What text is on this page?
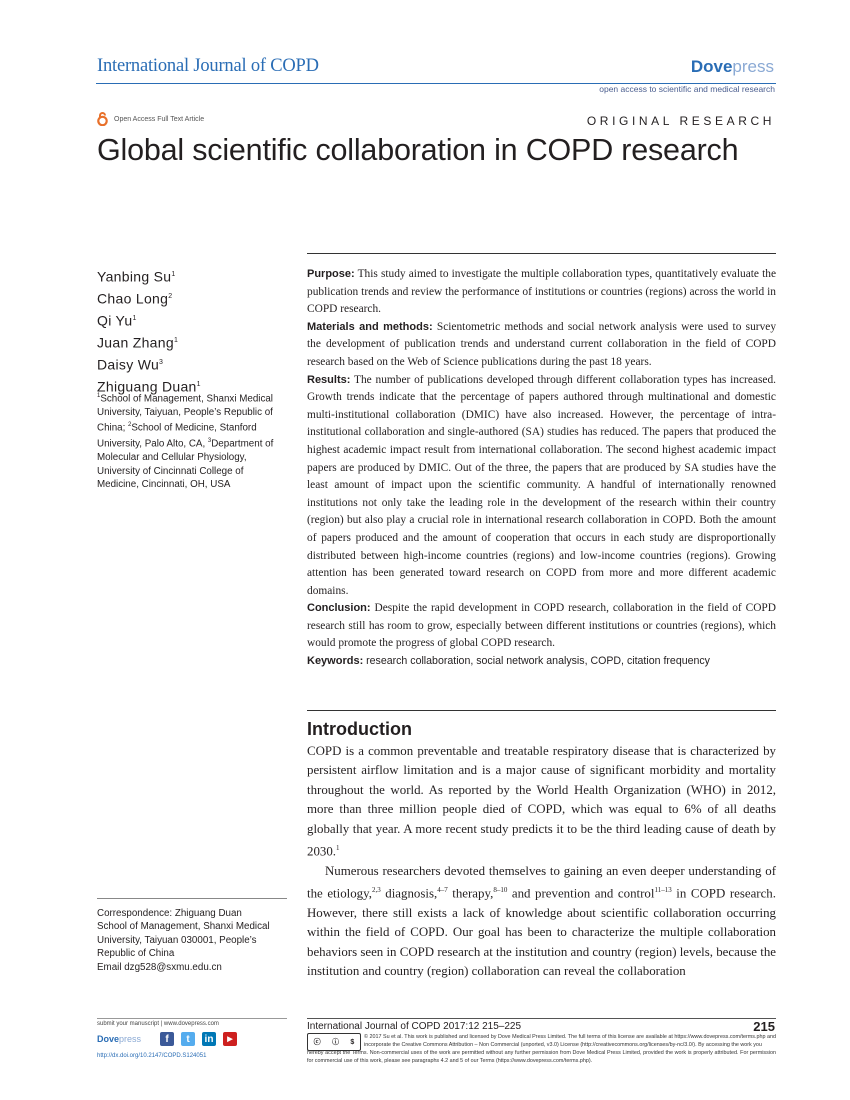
International Journal of COPD	Dovepress
open access to scientific and medical research
Open Access Full Text Article	ORIGINAL RESEARCH
Global scientific collaboration in COPD research
Yanbing Su$^1$
Chao Long$^2$
Qi Yu$^1$
Juan Zhang$^1$
Daisy Wu$^3$
Zhiguang Duan$^1$
$^1$School of Management, Shanxi Medical University, Taiyuan, People’s Republic of China; $^2$School of Medicine, Stanford University, Palo Alto, CA, $^3$Department of Molecular and Cellular Physiology, University of Cincinnati College of Medicine, Cincinnati, OH, USA
Correspondence: Zhiguang Duan
School of Management, Shanxi Medical
University, Taiyuan 030001, People’s
Republic of China
Email dzg528@sxmu.edu.cn

Purpose: This study aimed to investigate the multiple collaboration types, quantitatively evaluate the publication trends and review the performance of institutions or countries (regions) across the world in COPD research.

Materials and methods: Scientometric methods and social network analysis were used to survey the development of publication trends and understand current collaboration in the field of COPD research based on the Web of Science publications during the past 18 years.

Results: The number of publications developed through different collaboration types has increased. Growth trends indicate that the percentage of papers authored through multinational and domestic multi-institutional collaboration (DMIC) have also increased. However, the percentage of intra-institutional collaboration and single-authored (SA) studies has reduced. The papers that produced the highest academic impact result from international collaboration. The second highest academic impact papers are produced by DMIC. Out of the three, the papers that are produced by SA studies have the least amount of impact upon the scientific community. A handful of internationally renowned institutions not only take the leading role in the development of the research within their country (region) but also play a crucial role in international research collaboration in COPD. Both the amount of papers produced and the amount of cooperation that occurs in each study are disproportionally distributed between high-income countries (regions) and low-income countries (regions). Growing attention has been generated toward research on COPD from more and more different academic domains.

Conclusion: Despite the rapid development in COPD research, collaboration in the field of COPD research still has room to grow, especially between different institutions or countries (regions), which would promote the progress of global COPD research.

Keywords: research collaboration, social network analysis, COPD, citation frequency

Introduction

COPD is a common preventable and treatable respiratory disease that is characterized by persistent airflow limitation and is a major cause of significant morbidity and mortality throughout the world. As reported by the World Health Organization (WHO) in 2012, more than three million people died of COPD, which was equal to 6% of all deaths globally that year. A more recent study predicts it to be the third leading cause of death by 2030.$^1$

Numerous researchers devoted themselves to gaining an even deeper understanding of the etiology,$^{2,3}$ diagnosis,$^{4-7}$ therapy,$^{8-10}$ and prevention and control$^{11-13}$ in COPD research. However, there still exists a lack of knowledge about scientific collaboration occurring within the field of COPD. Our goal has been to characterize the multiple collaboration behaviors seen in COPD research at the institution and country (region) levels, because the institution and country (region) collaboration can reveal the collaboration

submit your manuscript | www.dovepress.com
Dovepress	f	t	in	▶
http://dx.doi.org/10.2147/COPD.S124051
International Journal of COPD 2017:12 215–225	215
ⓒ ⓘ $
© 2017 Su et al. This work is published and licensed by Dove Medical Press Limited. The full terms of this license are available at https://www.dovepress.com/terms.php and incorporate the Creative Commons Attribution – Non Commercial (unported, v3.0) License (http://creativecommons.org/licenses/by-nc/3.0/). By accessing the work you
hereby accept the Terms. Non-commercial uses of the work are permitted without any further permission from Dove Medical Press Limited, provided the work is properly attributed. For permission for commercial use of this work, please see paragraphs 4.2 and 5 of our Terms (https://www.dovepress.com/terms.php).
